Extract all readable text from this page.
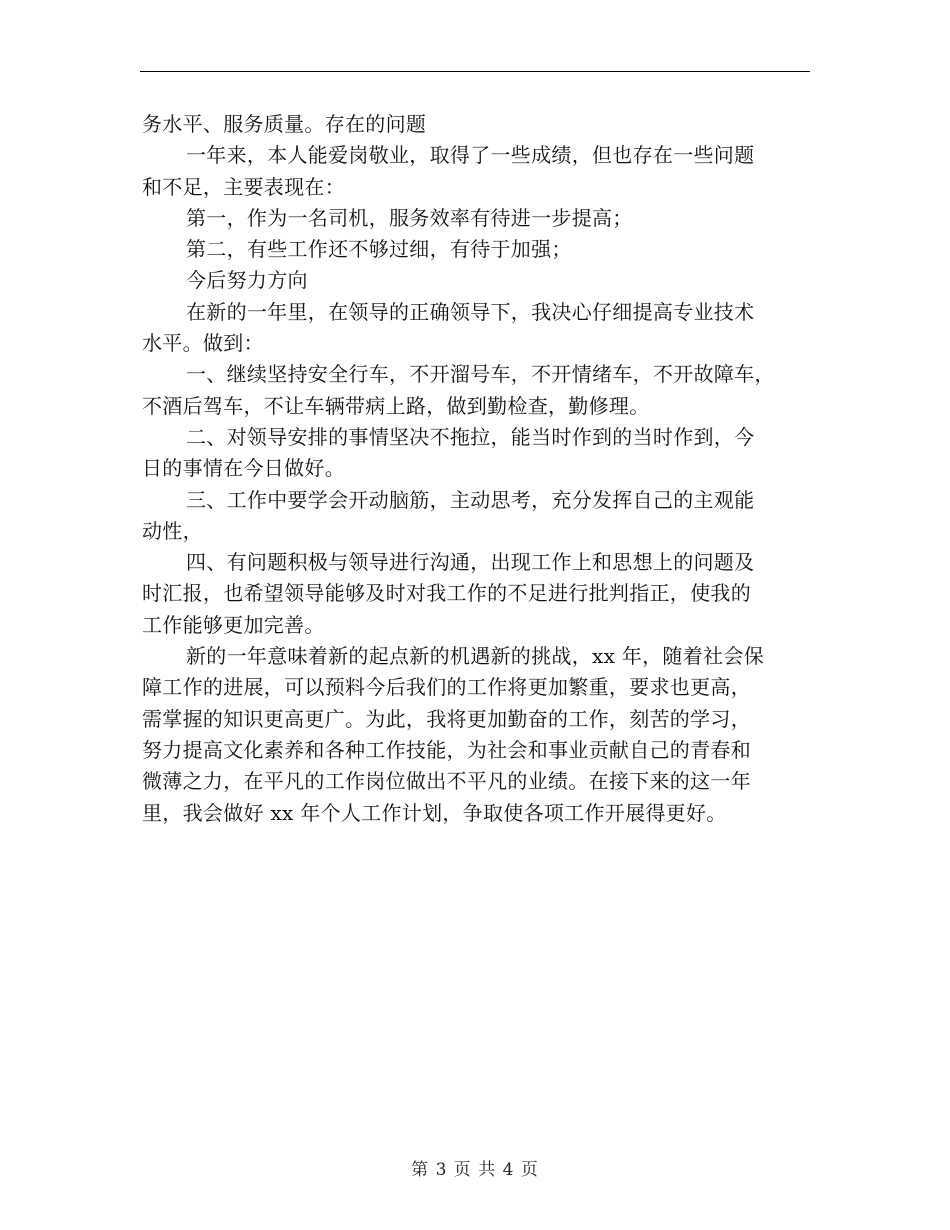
务水平、服务质量。存在的问题
一年来，本人能爱岗敬业，取得了一些成绩，但也存在一些问题
和不足，主要表现在：
第一，作为一名司机，服务效率有待进一步提高；
第二，有些工作还不够过细，有待于加强；
今后努力方向
在新的一年里，在领导的正确领导下，我决心仔细提高专业技术
水平。做到：
一、继续坚持安全行车，不开溜号车，不开情绪车，不开故障车，
不酒后驾车，不让车辆带病上路，做到勤检查，勤修理。
二、对领导安排的事情坚决不拖拉，能当时作到的当时作到，今
日的事情在今日做好。
三、工作中要学会开动脑筋，主动思考，充分发挥自己的主观能
动性，
四、有问题积极与领导进行沟通，出现工作上和思想上的问题及
时汇报，也希望领导能够及时对我工作的不足进行批判指正，使我的
工作能够更加完善。
新的一年意味着新的起点新的机遇新的挑战，xx 年，随着社会保
障工作的进展，可以预料今后我们的工作将更加繁重，要求也更高，
需掌握的知识更高更广。为此，我将更加勤奋的工作，刻苦的学习，
努力提高文化素养和各种工作技能，为社会和事业贡献自己的青春和
微薄之力，在平凡的工作岗位做出不平凡的业绩。在接下来的这一年
里，我会做好 xx 年个人工作计划，争取使各项工作开展得更好。
第 3 页 共 4 页
